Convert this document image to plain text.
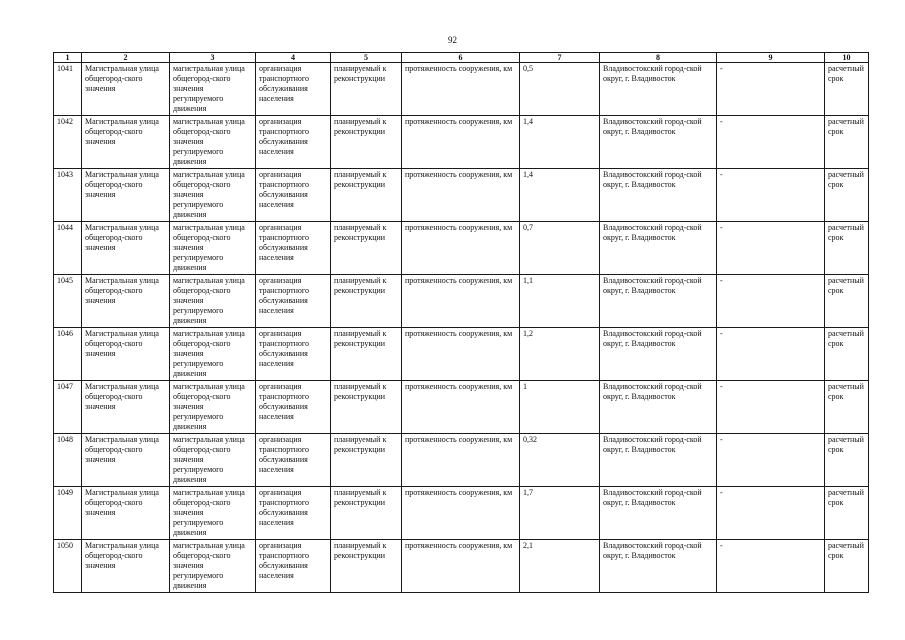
92
1	2	3	4	5	6	7	8	9	10
1041	Магистральная улица общегород-ского значения	магистральная улица общегород-ского значения регулируемого движения	организация транспортного обслуживания населения	планируемый к реконструкции	протяженность сооружения, км	0,5	Владивостокский город-ской округ, г. Владивосток	-	расчетный срок
1042	Магистральная улица общегород-ского значения	магистральная улица общегород-ского значения регулируемого движения	организация транспортного обслуживания населения	планируемый к реконструкции	протяженность сооружения, км	1,4	Владивостокский город-ской округ, г. Владивосток	-	расчетный срок
1043	Магистральная улица общегород-ского значения	магистральная улица общегород-ского значения регулируемого движения	организация транспортного обслуживания населения	планируемый к реконструкции	протяженность сооружения, км	1,4	Владивостокский город-ской округ, г. Владивосток	-	расчетный срок
1044	Магистральная улица общегород-ского значения	магистральная улица общегород-ского значения регулируемого движения	организация транспортного обслуживания населения	планируемый к реконструкции	протяженность сооружения, км	0,7	Владивостокский город-ской округ, г. Владивосток	-	расчетный срок
1045	Магистральная улица общегород-ского значения	магистральная улица общегород-ского значения регулируемого движения	организация транспортного обслуживания населения	планируемый к реконструкции	протяженность сооружения, км	1,1	Владивостокский город-ской округ, г. Владивосток	-	расчетный срок
1046	Магистральная улица общегород-ского значения	магистральная улица общегород-ского значения регулируемого движения	организация транспортного обслуживания населения	планируемый к реконструкции	протяженность сооружения, км	1,2	Владивостокский город-ской округ, г. Владивосток	-	расчетный срок
1047	Магистральная улица общегород-ского значения	магистральная улица общегород-ского значения регулируемого движения	организация транспортного обслуживания населения	планируемый к реконструкции	протяженность сооружения, км	1	Владивостокский город-ской округ, г. Владивосток	-	расчетный срок
1048	Магистральная улица общегород-ского значения	магистральная улица общегород-ского значения регулируемого движения	организация транспортного обслуживания населения	планируемый к реконструкции	протяженность сооружения, км	0,32	Владивостокский город-ской округ, г. Владивосток	-	расчетный срок
1049	Магистральная улица общегород-ского значения	магистральная улица общегород-ского значения регулируемого движения	организация транспортного обслуживания населения	планируемый к реконструкции	протяженность сооружения, км	1,7	Владивостокский город-ской округ, г. Владивосток	-	расчетный срок
1050	Магистральная улица общегород-ского значения	магистральная улица общегород-ского значения регулируемого движения	организация транспортного обслуживания населения	планируемый к реконструкции	протяженность сооружения, км	2,1	Владивостокский город-ской округ, г. Владивосток	-	расчетный срок
